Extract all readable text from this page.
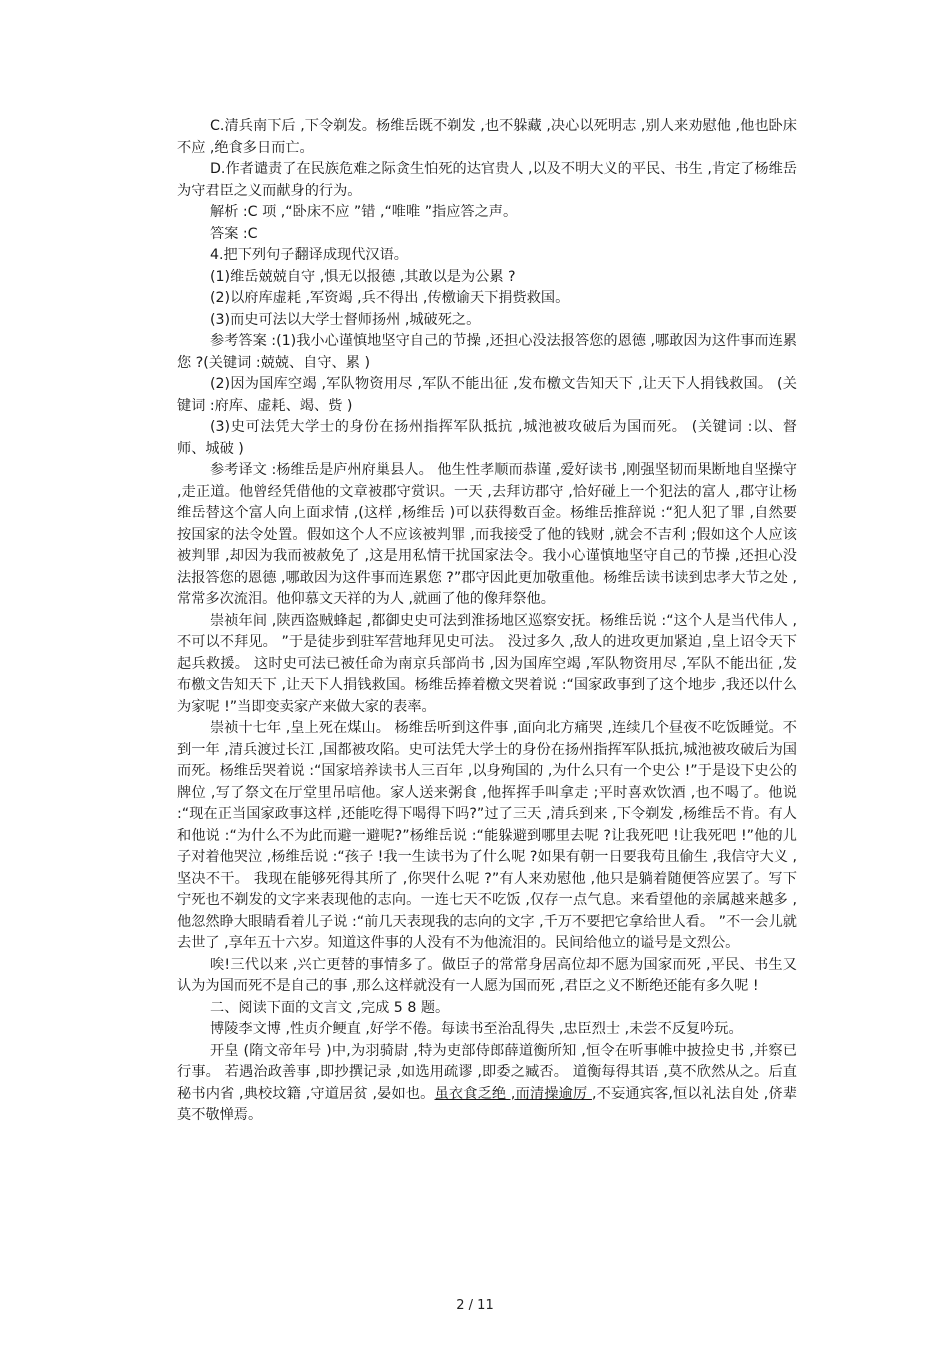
C.清兵南下后 ,下令剃发。杨维岳既不剃发 ,也不躲藏 ,决心以死明志 ,别人来劝慰他 ,他也卧床不应 ,绝食多日而亡。

D.作者谴责了在民族危难之际贪生怕死的达官贵人 ,以及不明大义的平民、书生 ,肯定了杨维岳为守君臣之义而献身的行为。

解析 :C 项 ,“卧床不应 ”错 ,“唯唯 ”指应答之声。

答案 :C

4.把下列句子翻译成现代汉语。

(1)维岳兢兢自守 ,惧无以报德 ,其敢以是为公累 ?

(2)以府库虚耗 ,军资竭 ,兵不得出 ,传檄谕天下捐赀救国。

(3)而史可法以大学士督师扬州 ,城破死之。

参考答案 :(1)我小心谨慎地坚守自己的节操 ,还担心没法报答您的恩德 ,哪敢因为这件事而连累您 ?(关键词 :兢兢、自守、累 )

(2)因为国库空竭 ,军队物资用尽 ,军队不能出征 ,发布檄文告知天下 ,让天下人捐钱救国。 (关键词 :府库、虚耗、竭、赀 )

(3)史可法凭大学士的身份在扬州指挥军队抵抗 ,城池被攻破后为国而死。 (关键词 :以、督师、城破 )

参考译文 :杨维岳是庐州府巢县人。 他生性孝顺而恭谨 ,爱好读书 ,刚强坚韧而果断地自坚操守 ,走正道。他曾经凭借他的文章被郡守赏识。一天 ,去拜访郡守 ,恰好碰上一个犯法的富人 ,郡守让杨维岳替这个富人向上面求情 ,(这样 ,杨维岳 )可以获得数百金。杨维岳推辞说 :“犯人犯了罪 ,自然要按国家的法令处置。假如这个人不应该被判罪 ,而我接受了他的钱财 ,就会不吉利 ;假如这个人应该被判罪 ,却因为我而被赦免了 ,这是用私情干扰国家法令。我小心谨慎地坚守自己的节操 ,还担心没法报答您的恩德 ,哪敢因为这件事而连累您 ?”郡守因此更加敬重他。杨维岳读书读到忠孝大节之处 ,常常多次流泪。他仰慕文天祥的为人 ,就画了他的像拜祭他。

崇祯年间 ,陕西盗贼蜂起 ,都御史史可法到淮扬地区巡察安抚。杨维岳说 :“这个人是当代伟人 ,不可以不拜见。 ”于是徒步到驻军营地拜见史可法。 没过多久 ,敌人的进攻更加紧迫 ,皇上诏令天下起兵救援。 这时史可法已被任命为南京兵部尚书 ,因为国库空竭 ,军队物资用尽 ,军队不能出征 ,发布檄文告知天下 ,让天下人捐钱救国。杨维岳捧着檄文哭着说 :“国家政事到了这个地步 ,我还以什么为家呢 !”当即变卖家产来做大家的表率。

崇祯十七年 ,皇上死在煤山。 杨维岳听到这件事 ,面向北方痛哭 ,连续几个昼夜不吃饭睡觉。不到一年 ,清兵渡过长江 ,国都被攻陷。史可法凭大学士的身份在扬州指挥军队抵抗,城池被攻破后为国而死。杨维岳哭着说 :“国家培养读书人三百年 ,以身殉国的 ,为什么只有一个史公 !”于是设下史公的牌位 ,写了祭文在厅堂里吊唁他。家人送来粥食 ,他挥挥手叫拿走 ;平时喜欢饮酒 ,也不喝了。他说 :“现在正当国家政事这样 ,还能吃得下喝得下吗?”过了三天 ,清兵到来 ,下令剃发 ,杨维岳不肯。有人和他说 :“为什么不为此而避一避呢?”杨维岳说 :“能躲避到哪里去呢 ?让我死吧 !让我死吧 !”他的儿子对着他哭泣 ,杨维岳说 :“孩子 !我一生读书为了什么呢 ?如果有朝一日要我苟且偷生 ,我信守大义 ,坚决不干。 我现在能够死得其所了 ,你哭什么呢 ?”有人来劝慰他 ,他只是躺着随便答应罢了。写下宁死也不剃发的文字来表现他的志向。一连七天不吃饭 ,仅存一点气息。来看望他的亲属越来越多 ,他忽然睁大眼睛看着儿子说 :“前几天表现我的志向的文字 ,千万不要把它拿给世人看。 ”不一会儿就去世了 ,享年五十六岁。知道这件事的人没有不为他流泪的。民间给他立的谥号是文烈公。

唉!三代以来 ,兴亡更替的事情多了。做臣子的常常身居高位却不愿为国家而死 ,平民、书生又认为为国而死不是自己的事 ,那么这样就没有一人愿为国而死 ,君臣之义不断绝还能有多久呢 !

二、阅读下面的文言文 ,完成 5 8 题。

博陵李文博 ,性贞介鲠直 ,好学不倦。每读书至治乱得失 ,忠臣烈士 ,未尝不反复吟玩。

开皇 (隋文帝年号 )中,为羽骑尉 ,特为吏部侍郎薛道衡所知 ,恒令在听事帷中披捡史书 ,并察已行事。 若遇治政善事 ,即抄撰记录 ,如选用疏谬 ,即委之臧否。 道衡每得其语 ,莫不欣然从之。后直秘书内省 ,典校坟籍 ,守道居贫 ,晏如也。虽衣食乏绝 ,而清操逾厉 ,不妄通宾客,恒以礼法自处 ,侪辈莫不敬惮焉。

2 / 11
